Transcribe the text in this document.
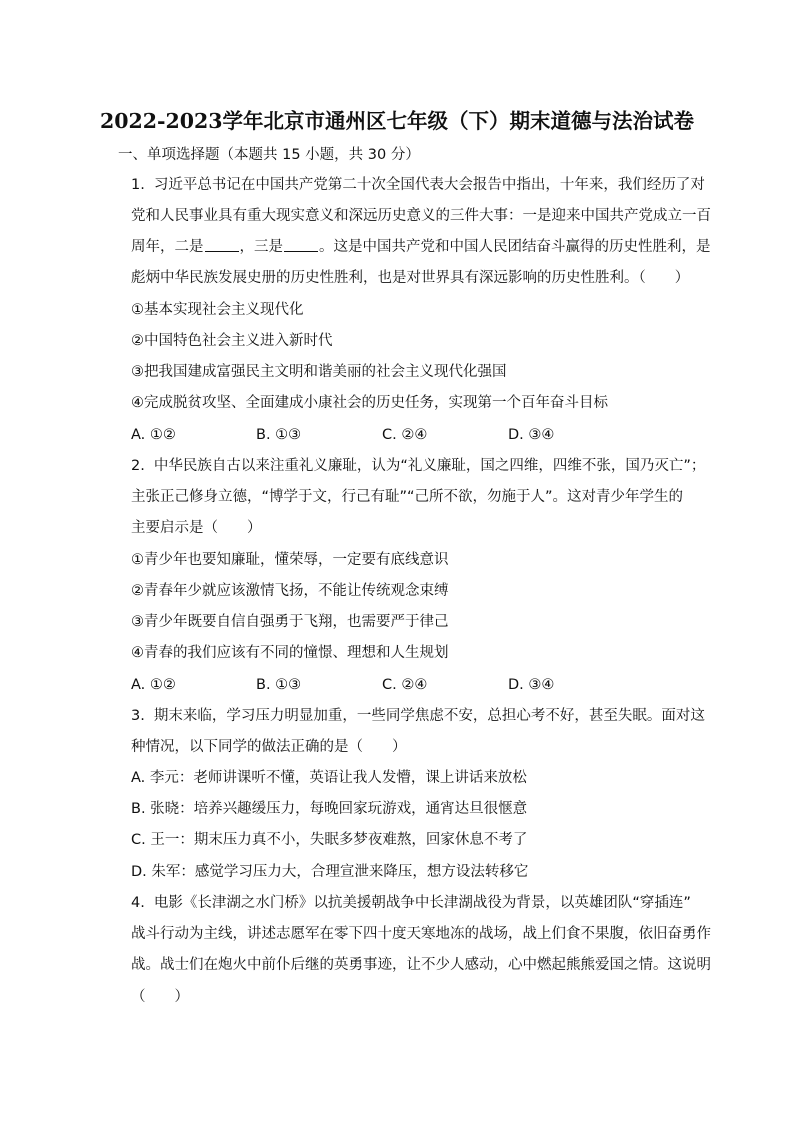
2022-2023学年北京市通州区七年级（下）期末道德与法治试卷
一、单项选择题（本题共 15 小题，共 30 分）
1. 习近平总书记在中国共产党第二十次全国代表大会报告中指出，十年来，我们经历了对
党和人民事业具有重大现实意义和深远历史意义的三件大事：一是迎来中国共产党成立一百
周年，二是 ，三是 。这是中国共产党和中国人民团结奋斗赢得的历史性胜利，是
彪炳中华民族发展史册的历史性胜利，也是对世界具有深远影响的历史性胜利。（　　）
①基本实现社会主义现代化
②中国特色社会主义进入新时代
③把我国建成富强民主文明和谐美丽的社会主义现代化强国
④完成脱贫攻坚、全面建成小康社会的历史任务，实现第一个百年奋斗目标
A. ①②	B. ①③	C. ②④	D. ③④
2. 中华民族自古以来注重礼义廉耻，认为“礼义廉耻，国之四维，四维不张，国乃灭亡”；
主张正己修身立德，“博学于文，行己有耻”“己所不欲，勿施于人”。这对青少年学生的
主要启示是（　　）
①青少年也要知廉耻，懂荣辱，一定要有底线意识
②青春年少就应该激情飞扬，不能让传统观念束缚
③青少年既要自信自强勇于飞翔，也需要严于律己
④青春的我们应该有不同的憧憬、理想和人生规划
A. ①②	B. ①③	C. ②④	D. ③④
3. 期末来临，学习压力明显加重，一些同学焦虑不安，总担心考不好，甚至失眠。面对这
种情况，以下同学的做法正确的是（　　）
A. 李元：老师讲课听不懂，英语让我人发懵，课上讲话来放松
B. 张晓：培养兴趣缓压力，每晚回家玩游戏，通宵达旦很惬意
C. 王一：期末压力真不小，失眠多梦夜难熬，回家休息不考了
D. 朱军：感觉学习压力大，合理宣泄来降压，想方设法转移它
4. 电影《长津湖之水门桥》以抗美援朝战争中长津湖战役为背景，以英雄团队“穿插连”
战斗行动为主线，讲述志愿军在零下四十度天寒地冻的战场，战上们食不果腹，依旧奋勇作
战。战士们在炮火中前仆后继的英勇事迹，让不少人感动，心中燃起熊熊爱国之情。这说明
（　　）
